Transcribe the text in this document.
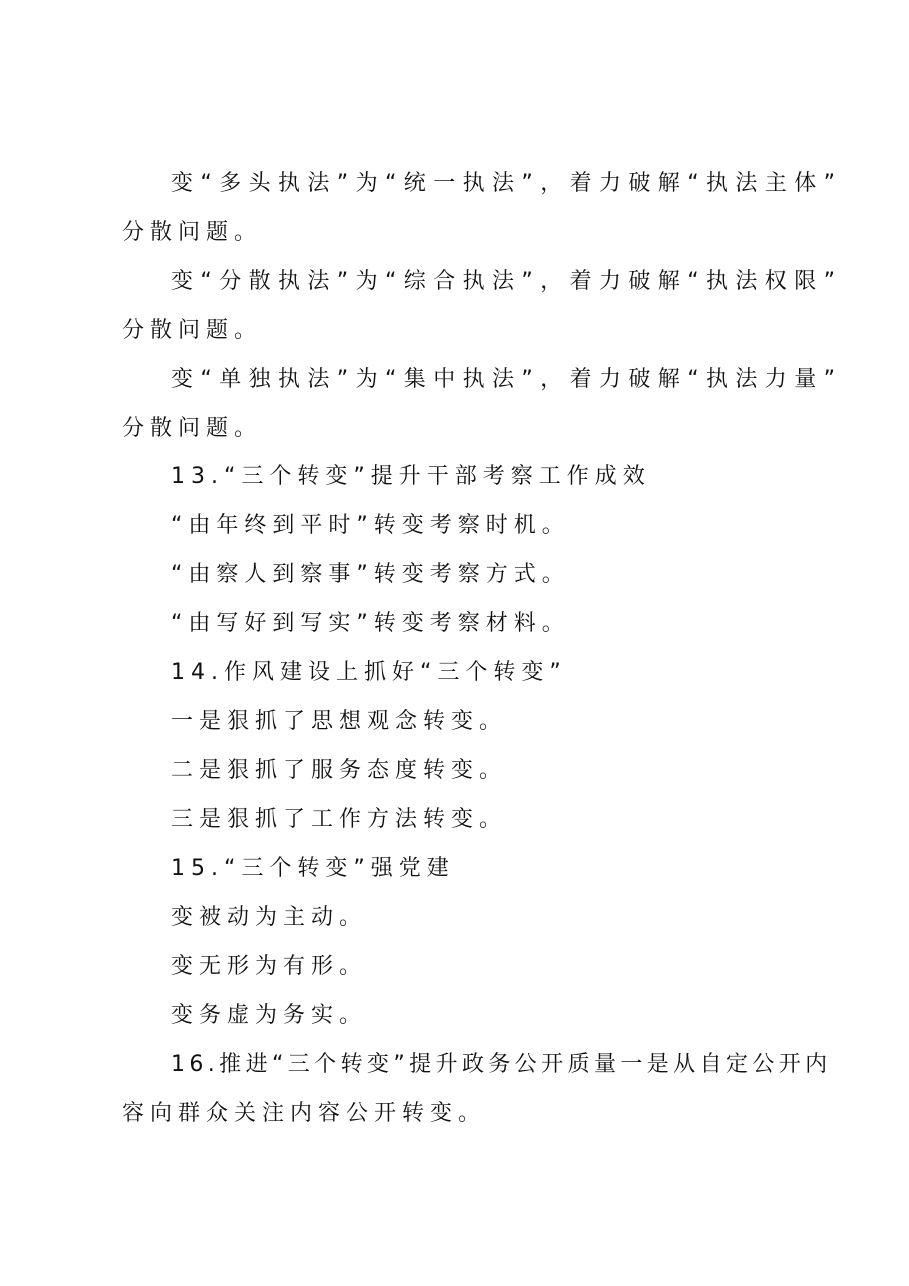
变“多头执法”为“统一执法”，着力破解“执法主体”
分散问题。
变“分散执法”为“综合执法”，着力破解“执法权限”
分散问题。
变“单独执法”为“集中执法”，着力破解“执法力量”
分散问题。
13.“三个转变”提升干部考察工作成效
“由年终到平时”转变考察时机。
“由察人到察事”转变考察方式。
“由写好到写实”转变考察材料。
14.作风建设上抓好“三个转变”
一是狠抓了思想观念转变。
二是狠抓了服务态度转变。
三是狠抓了工作方法转变。
15.“三个转变”强党建
变被动为主动。
变无形为有形。
变务虚为务实。
16.推进“三个转变”提升政务公开质量一是从自定公开内
容向群众关注内容公开转变。
